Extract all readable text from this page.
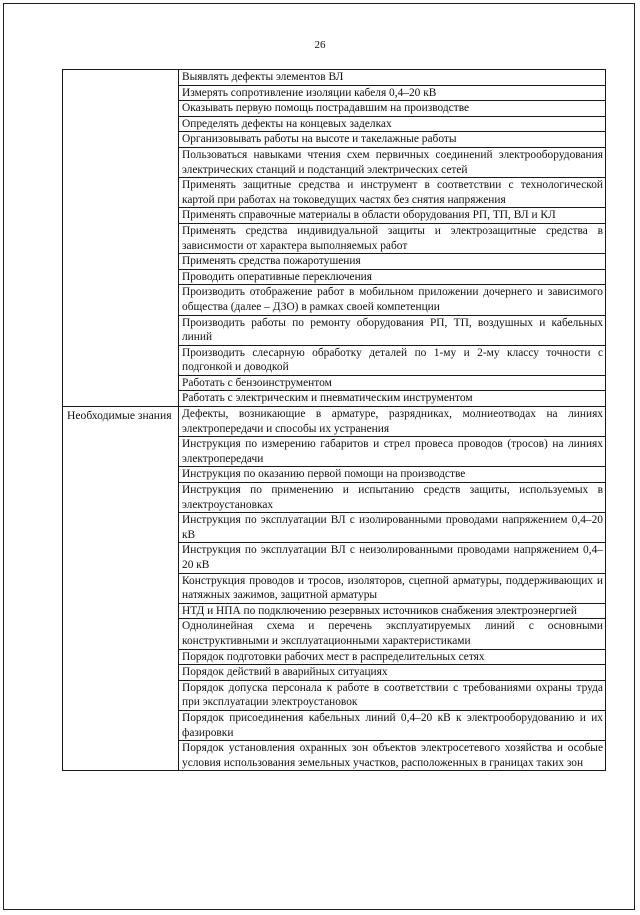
26
	Выявлять дефекты элементов ВЛ
	Измерять сопротивление изоляции кабеля 0,4–20 кВ
	Оказывать первую помощь пострадавшим на производстве
	Определять дефекты на концевых заделках
	Организовывать работы на высоте и такелажные работы
	Пользоваться навыками чтения схем первичных соединений электрооборудования электрических станций и подстанций электрических сетей
	Применять защитные средства и инструмент в соответствии с технологической картой при работах на токоведущих частях без снятия напряжения
	Применять справочные материалы в области оборудования РП, ТП, ВЛ и КЛ
	Применять средства индивидуальной защиты и электрозащитные средства в зависимости от характера выполняемых работ
	Применять средства пожаротушения
	Проводить оперативные переключения
	Производить отображение работ в мобильном приложении дочернего и зависимого общества (далее – ДЗО) в рамках своей компетенции
	Производить работы по ремонту оборудования РП, ТП, воздушных и кабельных линий
	Производить слесарную обработку деталей по 1-му и 2-му классу точности с подгонкой и доводкой
	Работать с бензоинструментом
	Работать с электрическим и пневматическим инструментом

Необходимые знания	Дефекты, возникающие в арматуре, разрядниках, молниеотводах на линиях электропередачи и способы их устранения
	Инструкция по измерению габаритов и стрел провеса проводов (тросов) на линиях электропередачи
	Инструкция по оказанию первой помощи на производстве
	Инструкция по применению и испытанию средств защиты, используемых в электроустановках
	Инструкция по эксплуатации ВЛ с изолированными проводами напряжением 0,4–20 кВ
	Инструкция по эксплуатации ВЛ с неизолированными проводами напряжением 0,4–20 кВ
	Конструкция проводов и тросов, изоляторов, сцепной арматуры, поддерживающих и натяжных зажимов, защитной арматуры
	НТД и НПА по подключению резервных источников снабжения электроэнергией
	Однолинейная схема и перечень эксплуатируемых линий с основными конструктивными и эксплуатационными характеристиками
	Порядок подготовки рабочих мест в распределительных сетях
	Порядок действий в аварийных ситуациях
	Порядок допуска персонала к работе в соответствии с требованиями охраны труда при эксплуатации электроустановок
	Порядок присоединения кабельных линий 0,4–20 кВ к электрооборудованию и их фазировки
	Порядок установления охранных зон объектов электросетевого хозяйства и особые условия использования земельных участков, расположенных в границах таких зон
